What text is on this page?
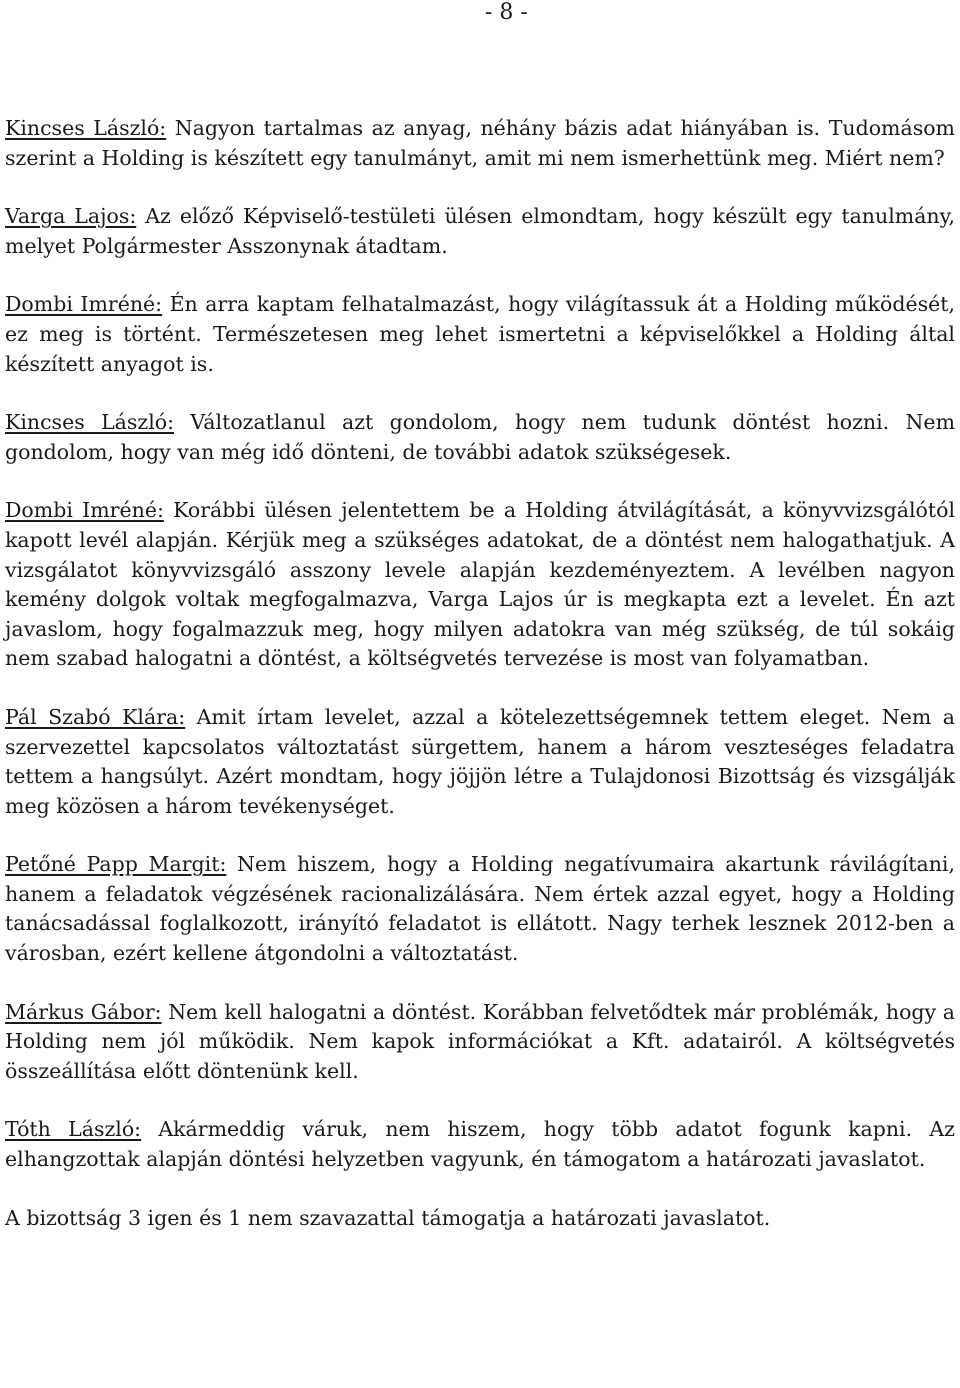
- 8 -

Kincses László: Nagyon tartalmas az anyag, néhány bázis adat hiányában is. Tudomásom szerint a Holding is készített egy tanulmányt, amit mi nem ismerhettünk meg. Miért nem?

Varga Lajos: Az előző Képviselő-testületi ülésen elmondtam, hogy készült egy tanulmány, melyet Polgármester Asszonynak átadtam.

Dombi Imréné: Én arra kaptam felhatalmazást, hogy világítassuk át a Holding működését, ez meg is történt. Természetesen meg lehet ismertetni a képviselőkkel a Holding által készített anyagot is.

Kincses László: Változatlanul azt gondolom, hogy nem tudunk döntést hozni. Nem gondolom, hogy van még idő dönteni, de további adatok szükségesek.

Dombi Imréné: Korábbi ülésen jelentettem be a Holding átvilágítását, a könyvvizsgálótól kapott levél alapján. Kérjük meg a szükséges adatokat, de a döntést nem halogathatjuk. A vizsgálatot könyvvizsgáló asszony levele alapján kezdeményeztem. A levélben nagyon kemény dolgok voltak megfogalmazva, Varga Lajos úr is megkapta ezt a levelet. Én azt javaslom, hogy fogalmazzuk meg, hogy milyen adatokra van még szükség, de túl sokáig nem szabad halogatni a döntést, a költségvetés tervezése is most van folyamatban.

Pál Szabó Klára: Amit írtam levelet, azzal a kötelezettségemnek tettem eleget. Nem a szervezettel kapcsolatos változtatást sürgettem, hanem a három veszteséges feladatra tettem a hangsúlyt. Azért mondtam, hogy jöjjön létre a Tulajdonosi Bizottság és vizsgálják meg közösen a három tevékenységet.

Petőné Papp Margit: Nem hiszem, hogy a Holding negatívumaira akartunk rávilágítani, hanem a feladatok végzésének racionalizálására. Nem értek azzal egyet, hogy a Holding tanácsadással foglalkozott, irányító feladatot is ellátott. Nagy terhek lesznek 2012-ben a városban, ezért kellene átgondolni a változtatást.

Márkus Gábor: Nem kell halogatni a döntést. Korábban felvetődtek már problémák, hogy a Holding nem jól működik. Nem kapok információkat a Kft. adatairól. A költségvetés összeállítása előtt döntenünk kell.

Tóth László: Akármeddig váruk, nem hiszem, hogy több adatot fogunk kapni. Az elhangzottak alapján döntési helyzetben vagyunk, én támogatom a határozati javaslatot.

A bizottság 3 igen és 1 nem szavazattal támogatja a határozati javaslatot.
